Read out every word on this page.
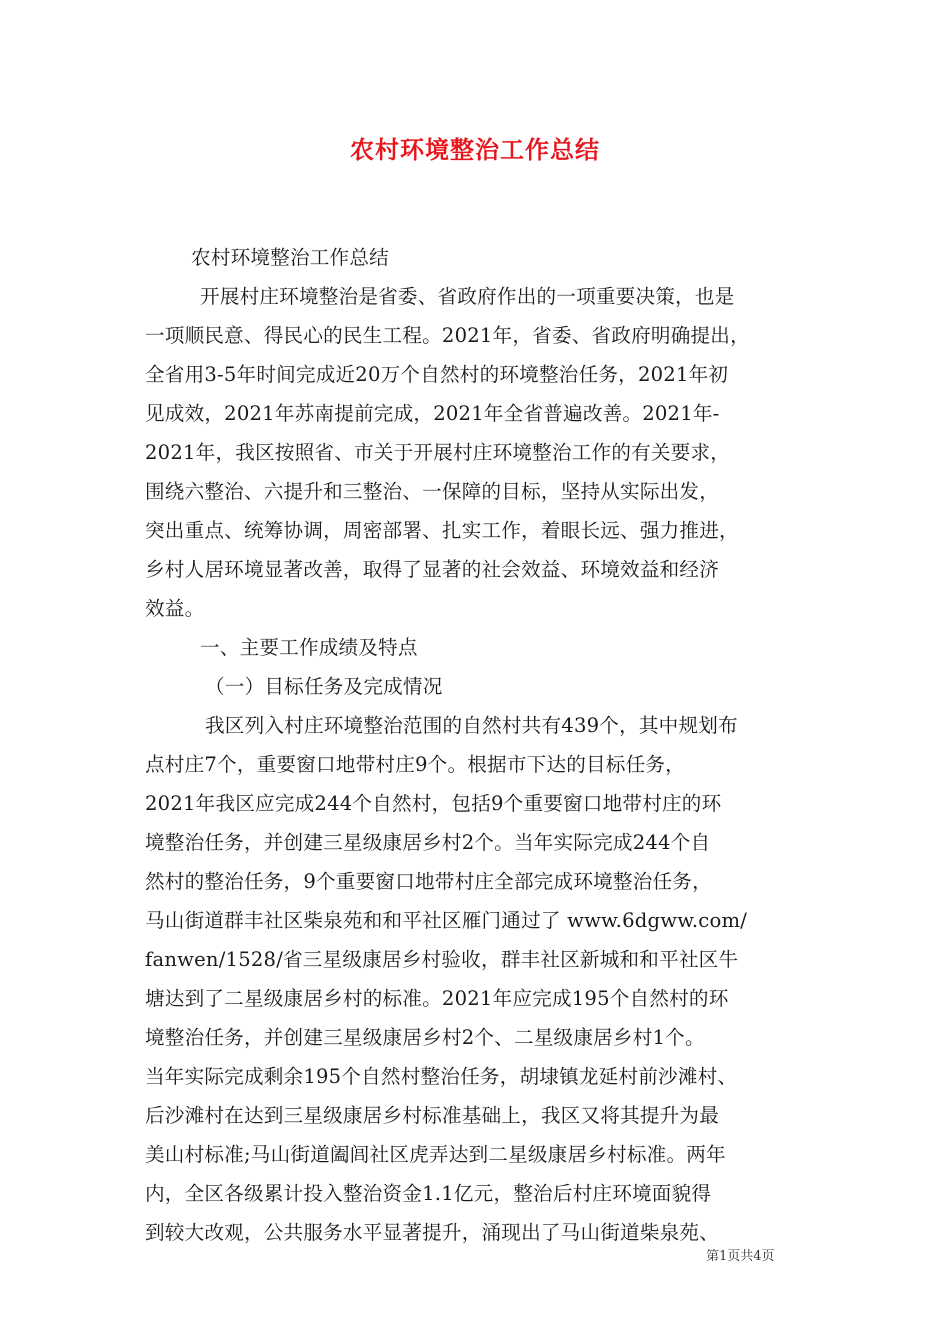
农村环境整治工作总结
农村环境整治工作总结
开展村庄环境整治是省委、省政府作出的一项重要决策，也是
一项顺民意、得民心的民生工程。2021年，省委、省政府明确提出，
全省用3-5年时间完成近20万个自然村的环境整治任务，2021年初
见成效，2021年苏南提前完成，2021年全省普遍改善。2021年-
2021年，我区按照省、市关于开展村庄环境整治工作的有关要求，
围绕六整治、六提升和三整治、一保障的目标，坚持从实际出发，
突出重点、统筹协调，周密部署、扎实工作，着眼长远、强力推进，
乡村人居环境显著改善，取得了显著的社会效益、环境效益和经济
效益。
一、主要工作成绩及特点
（一）目标任务及完成情况
我区列入村庄环境整治范围的自然村共有439个，其中规划布
点村庄7个，重要窗口地带村庄9个。根据市下达的目标任务，
2021年我区应完成244个自然村，包括9个重要窗口地带村庄的环
境整治任务，并创建三星级康居乡村2个。当年实际完成244个自
然村的整治任务，9个重要窗口地带村庄全部完成环境整治任务，
马山街道群丰社区柴泉苑和和平社区雁门通过了 www.6dgww.com/
fanwen/1528/省三星级康居乡村验收，群丰社区新城和和平社区牛
塘达到了二星级康居乡村的标准。2021年应完成195个自然村的环
境整治任务，并创建三星级康居乡村2个、二星级康居乡村1个。
当年实际完成剩余195个自然村整治任务，胡埭镇龙延村前沙滩村、
后沙滩村在达到三星级康居乡村标准基础上，我区又将其提升为最
美山村标准;马山街道阖闾社区虎弄达到二星级康居乡村标准。两年
内，全区各级累计投入整治资金1.1亿元，整治后村庄环境面貌得
到较大改观，公共服务水平显著提升，涌现出了马山街道柴泉苑、
第1页共4页
